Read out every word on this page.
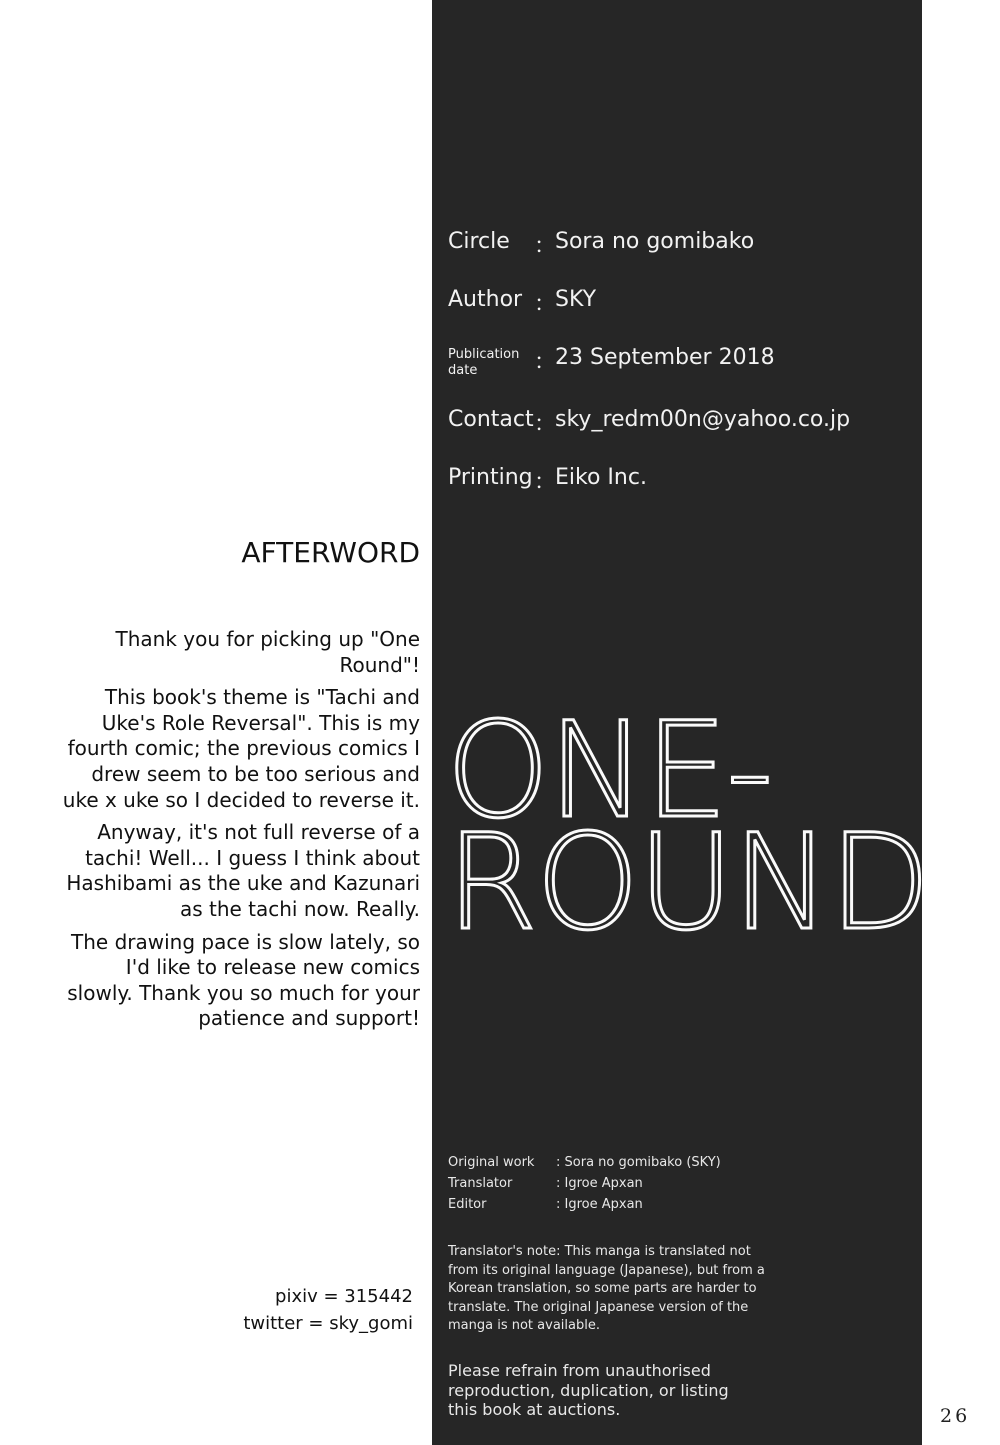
Circle ：
Sora no gomibako
Author ：
SKY
Publication date	：
23 September 2018
Contact ：
sky_redm00n@yahoo.co.jp
Printing ：
Eiko Inc.
AFTERWORD

Thank you for picking up "One Round"!

This book's theme is "Tachi and Uke's Role Reversal". This is my fourth comic; the previous comics I drew seem to be too serious and uke x uke so I decided to reverse it.

Anyway, it's not full reverse of a tachi! Well... I guess I think about Hashibami as the uke and Kazunari as the tachi now. Really.

The drawing pace is slow lately, so I'd like to release new comics slowly. Thank you so much for your patience and support!

ONE-
ROUND
Original work : Sora no gomibako (SKY)
Translator	: Igroe Apxan
Editor	: Igroe Apxan
Translator's note: This manga is translated not from its original language (Japanese), but from a Korean translation, so some parts are harder to translate. The original Japanese version of the manga is not available.
Please refrain from unauthorised reproduction, duplication, or listing this book at auctions.
pixiv = 315442
twitter = sky_gomi
26
